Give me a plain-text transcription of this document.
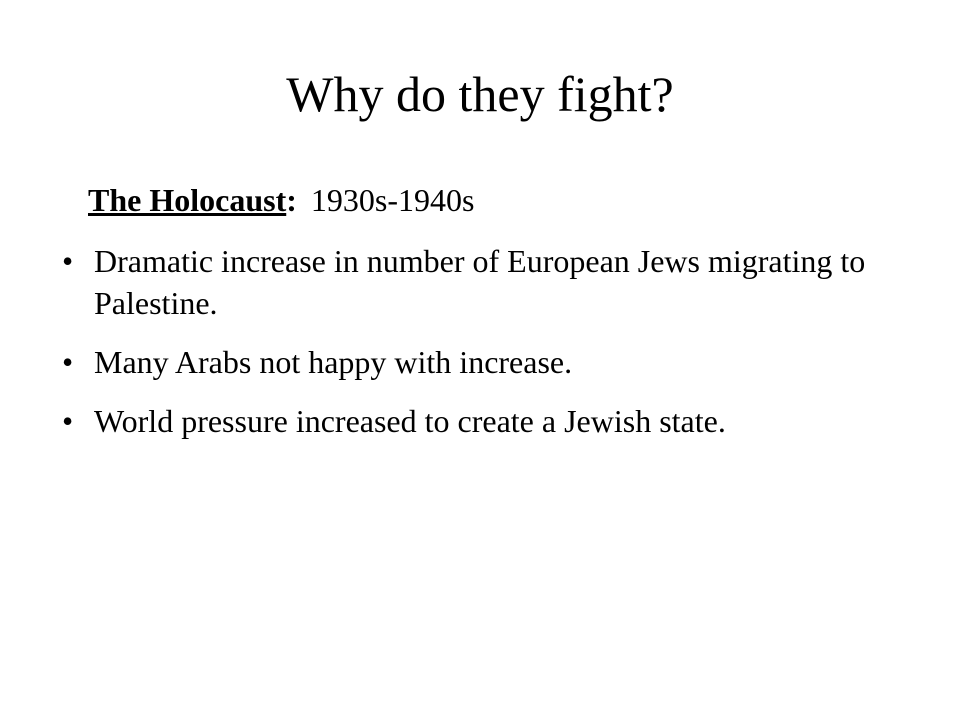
Why do they fight?

The Holocaust: 1930s-1940s

• Dramatic increase in number of European Jews migrating to Palestine.
• Many Arabs not happy with increase.
• World pressure increased to create a Jewish state.
